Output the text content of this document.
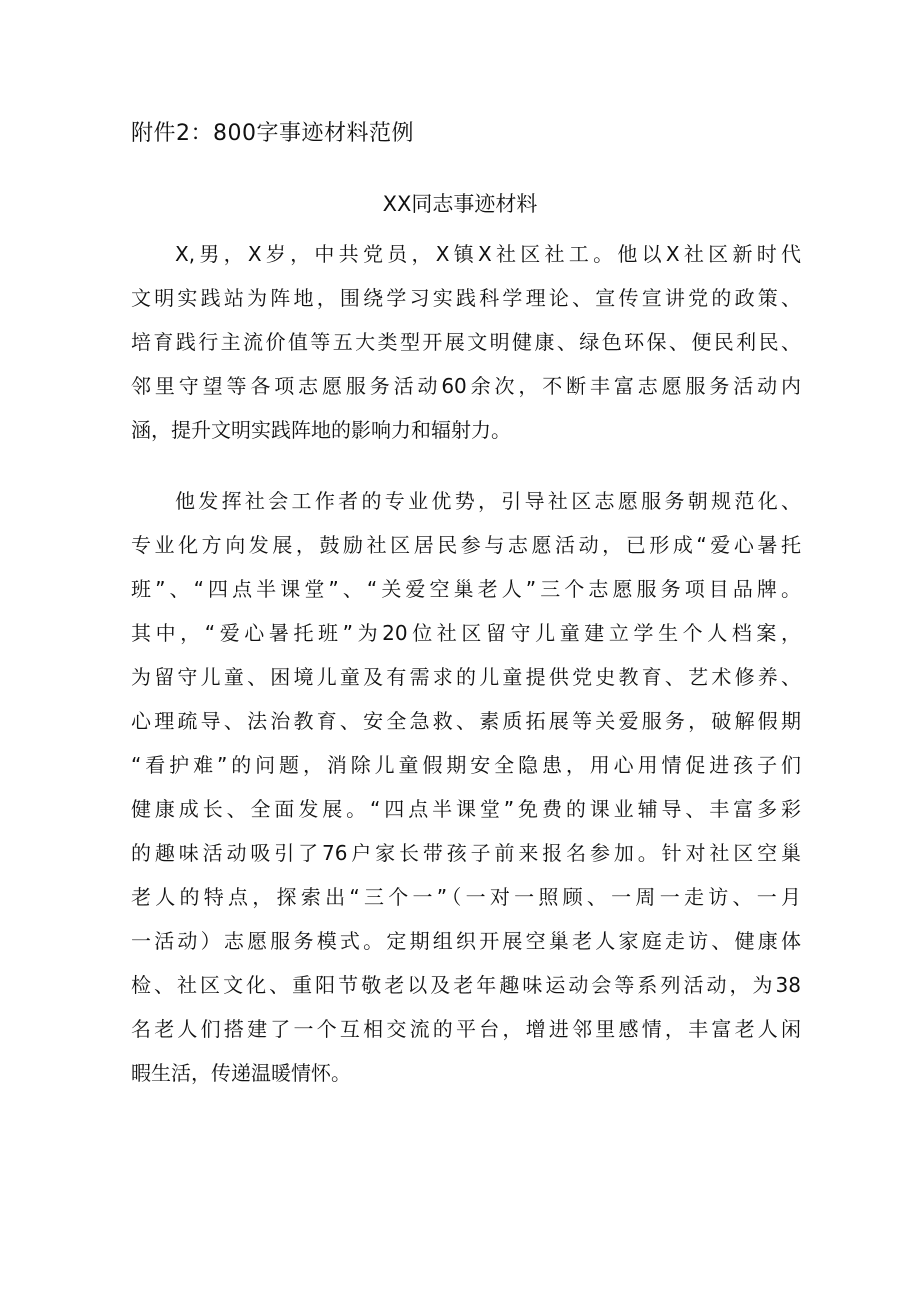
附件2：800字事迹材料范例
XX同志事迹材料
X,男，X岁，中共党员，X镇X社区社工。他以X社区新时代
文明实践站为阵地，围绕学习实践科学理论、宣传宣讲党的政策、
培育践行主流价值等五大类型开展文明健康、绿色环保、便民利民、
邻里守望等各项志愿服务活动60余次，不断丰富志愿服务活动内
涵，提升文明实践阵地的影响力和辐射力。
他发挥社会工作者的专业优势，引导社区志愿服务朝规范化、
专业化方向发展，鼓励社区居民参与志愿活动，已形成“爱心暑托
班”、“四点半课堂”、“关爱空巢老人”三个志愿服务项目品牌。
其中，“爱心暑托班”为20位社区留守儿童建立学生个人档案，
为留守儿童、困境儿童及有需求的儿童提供党史教育、艺术修养、
心理疏导、法治教育、安全急救、素质拓展等关爱服务，破解假期
“看护难”的问题，消除儿童假期安全隐患，用心用情促进孩子们
健康成长、全面发展。“四点半课堂”免费的课业辅导、丰富多彩
的趣味活动吸引了76户家长带孩子前来报名参加。针对社区空巢
老人的特点，探索出“三个一”（一对一照顾、一周一走访、一月
一活动）志愿服务模式。定期组织开展空巢老人家庭走访、健康体
检、社区文化、重阳节敬老以及老年趣味运动会等系列活动，为38
名老人们搭建了一个互相交流的平台，增进邻里感情，丰富老人闲
暇生活，传递温暖情怀。
